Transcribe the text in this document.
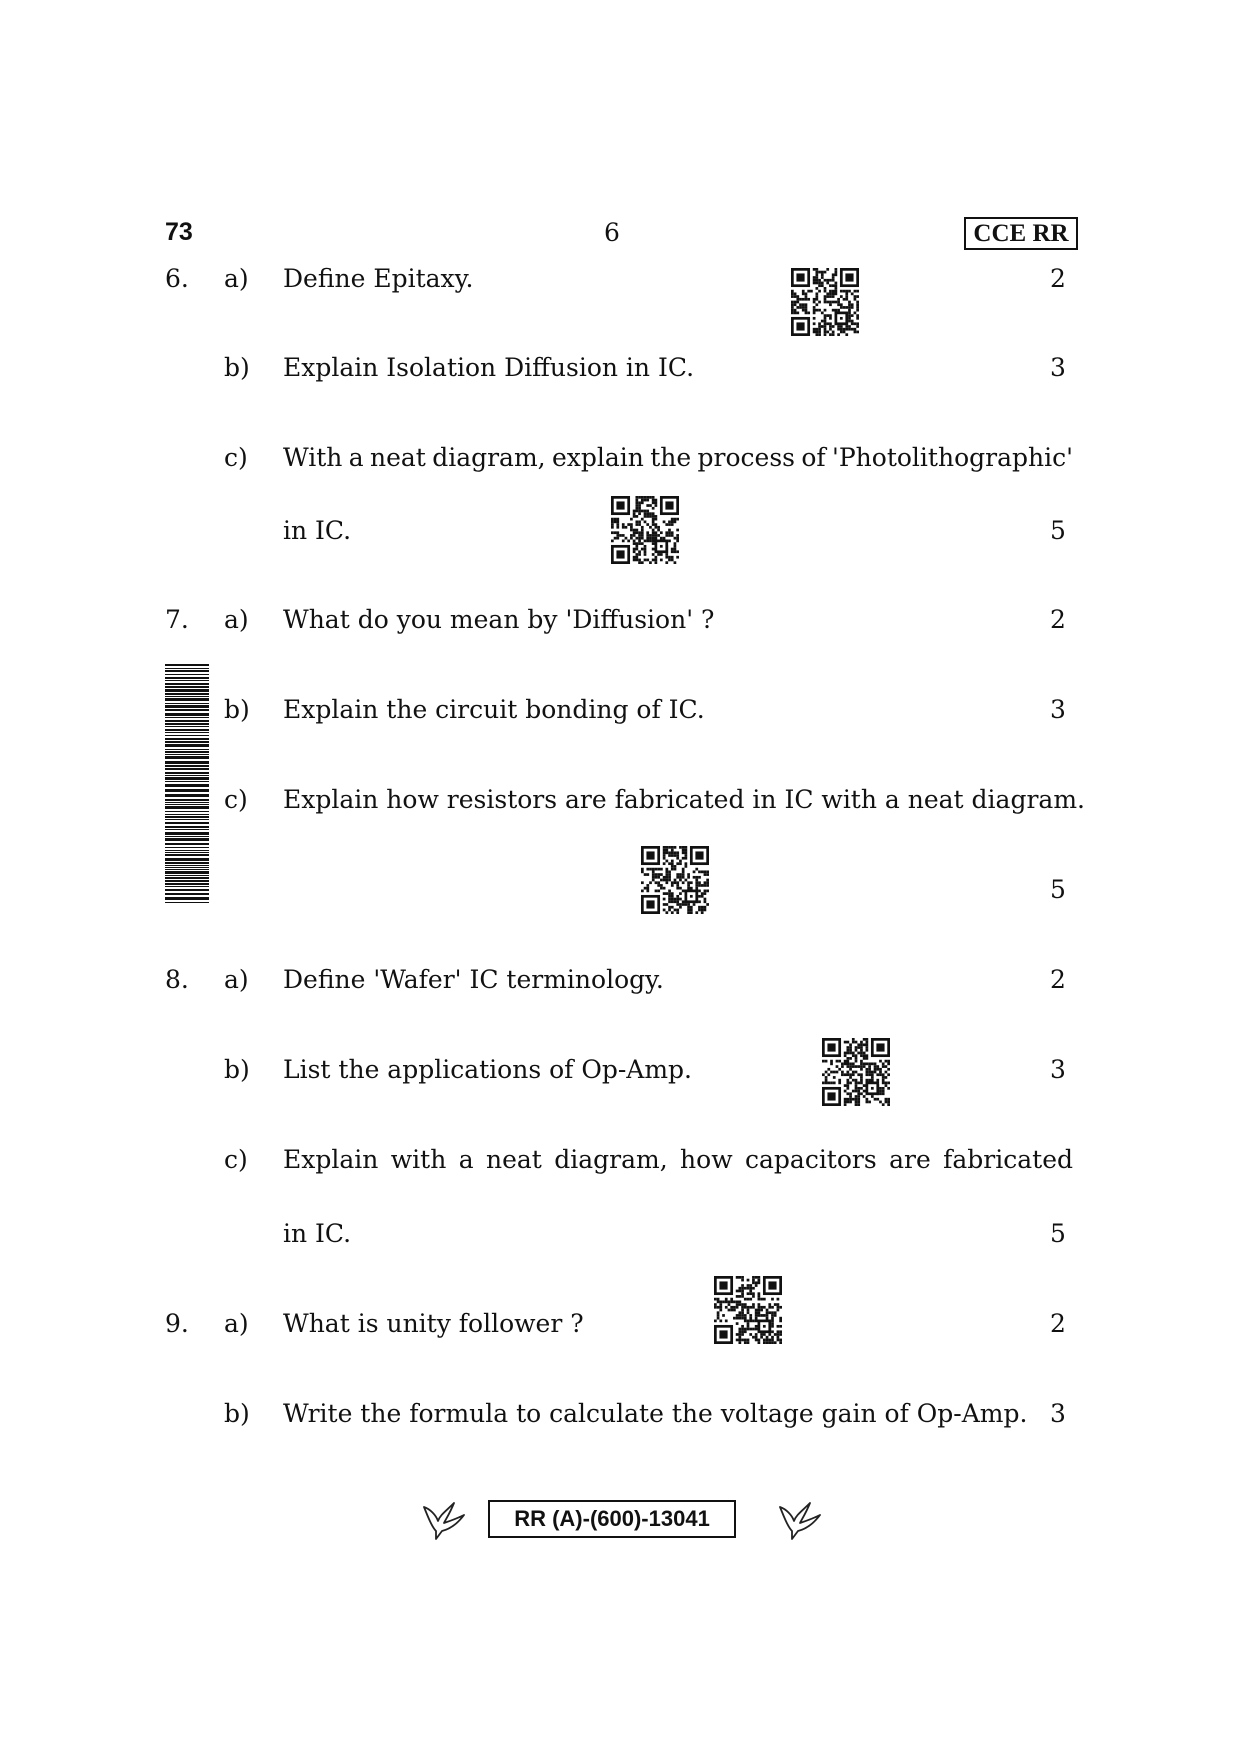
73	6	CCE RR
6. a) Define Epitaxy.	2
b) Explain Isolation Diffusion in IC.	3
c) With a neat diagram, explain the process of 'Photolithographic'
in IC.	5
7. a) What do you mean by 'Diffusion' ?	2
b) Explain the circuit bonding of IC.	3
c) Explain how resistors are fabricated in IC with a neat diagram.
5
8. a) Define 'Wafer' IC terminology.	2
b) List the applications of Op-Amp.	3
c) Explain with a neat diagram, how capacitors are fabricated
in IC.	5
9. a) What is unity follower ?	2
b) Write the formula to calculate the voltage gain of Op-Amp. 3
RR (A)-(600)-13041
